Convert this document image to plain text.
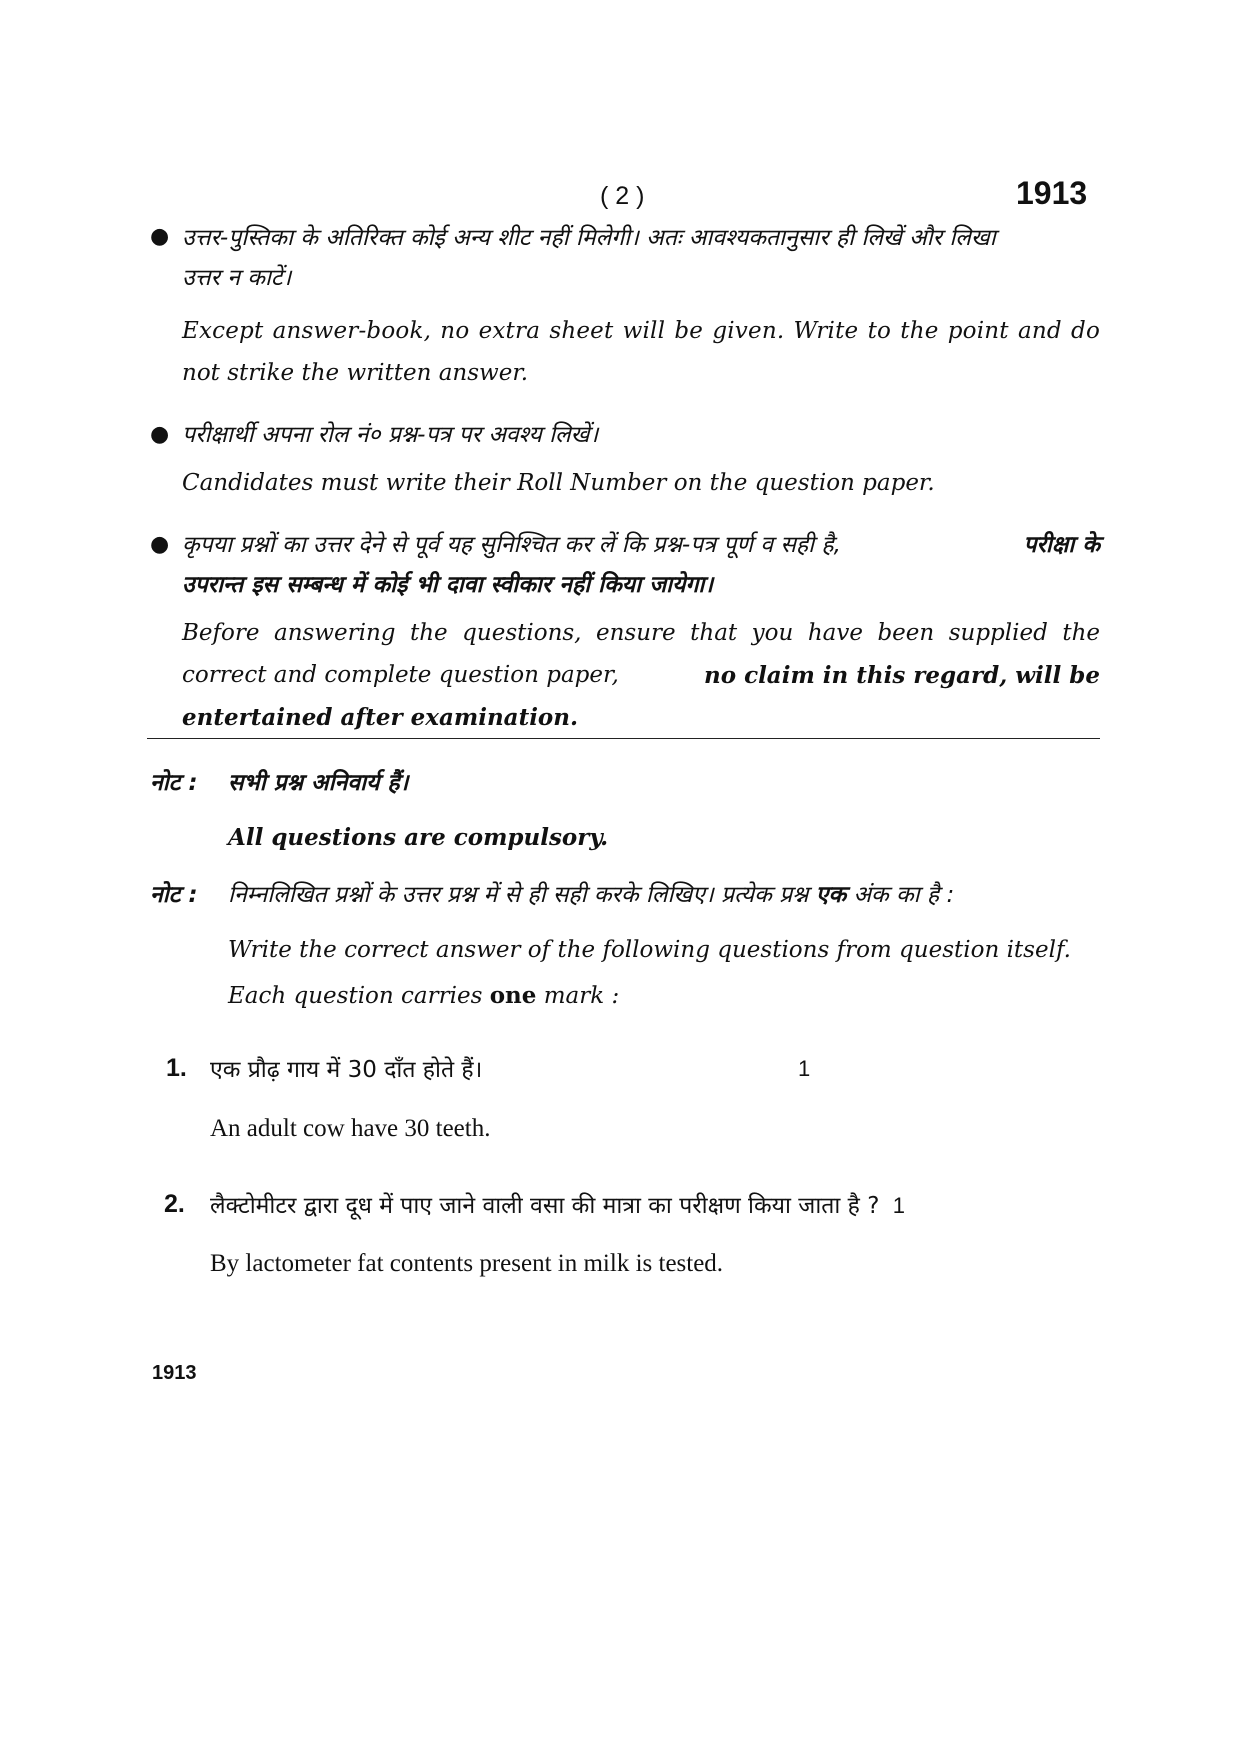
( 2 )	1913
● उत्तर-पुस्तिका के अतिरिक्त कोई अन्य शीट नहीं मिलेगी। अतः आवश्यकतानुसार ही लिखें और लिखा
उत्तर न काटें।
Except answer-book, no extra sheet will be given. Write to the point and do
not strike the written answer.
● परीक्षार्थी अपना रोल नं० प्रश्न-पत्र पर अवश्य लिखें।
Candidates must write their Roll Number on the question paper.
● कृपया प्रश्नों का उत्तर देने से पूर्व यह सुनिश्चित कर लें कि प्रश्न-पत्र पूर्ण व सही है,	परीक्षा के
उपरान्त इस सम्बन्ध में कोई भी दावा स्वीकार नहीं किया जायेगा।
Before answering the questions, ensure that you have been supplied the
correct and complete question paper,	no claim in this regard, will be
entertained after examination.
नोट : सभी प्रश्न अनिवार्य हैं।
All questions are compulsory.
नोट : निम्नलिखित प्रश्नों के उत्तर प्रश्न में से ही सही करके लिखिए। प्रत्येक प्रश्न एक अंक का है :
Write the correct answer of the following questions from question itself.
Each question carries one mark :
1. एक प्रौढ़ गाय में 30 दाँत होते हैं।	1
An adult cow have 30 teeth.
2. लैक्टोमीटर द्वारा दूध में पाए जाने वाली वसा की मात्रा का परीक्षण किया जाता है ? 1
By lactometer fat contents present in milk is tested.
1913
